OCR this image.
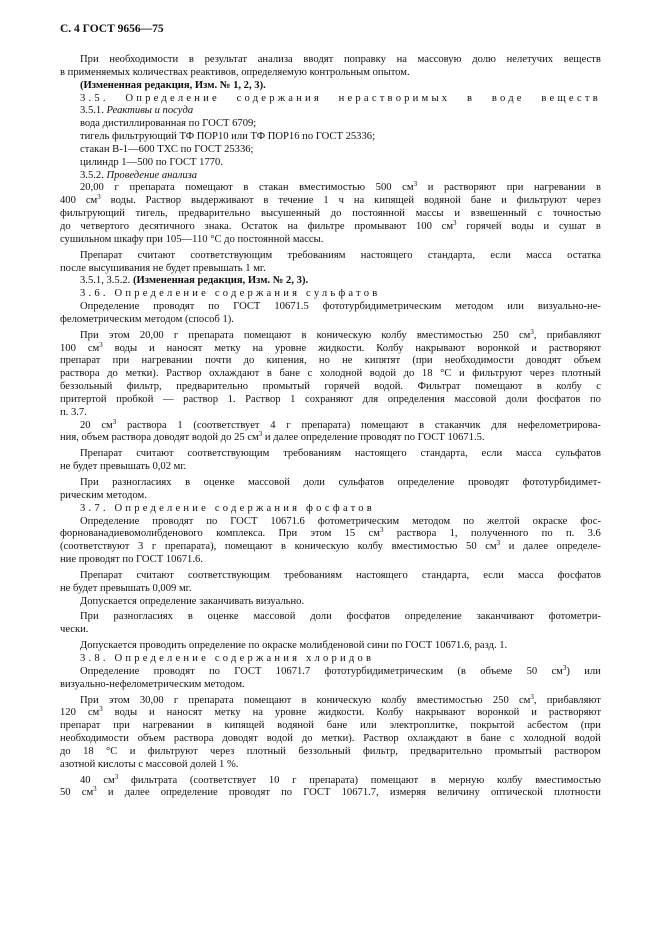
С. 4 ГОСТ 9656—75
При необходимости в результат анализа вводят поправку на массовую долю нелетучих веществ
в применяемых количествах реактивов, определяемую контрольным опытом.
(Измененная редакция, Изм. № 1, 2, 3).
3.5. Определение содержания нерастворимых в воде веществ
3.5.1. Реактивы и посуда
вода дистиллированная по ГОСТ 6709;
тигель фильтрующий ТФ ПОР10 или ТФ ПОР16 по ГОСТ 25336;
стакан В-1—600 ТХС по ГОСТ 25336;
цилиндр 1—500 по ГОСТ 1770.
3.5.2. Проведение анализа
20,00 г препарата помещают в стакан вместимостью 500 $см^3$ и растворяют при нагревании в
400 $см^3$ воды. Раствор выдерживают в течение 1 ч на кипящей водяной бане и фильтруют через
фильтрующий тигель, предварительно высушенный до постоянной массы и взвешенный с точностью
до четвертого десятичного знака. Остаток на фильтре промывают 100 $см^3$ горячей воды и сушат в
сушильном шкафу при 105—110 °С до постоянной массы.
Препарат считают соответствующим требованиям настоящего стандарта, если масса остатка
после высушивания не будет превышать 1 мг.
3.5.1, 3.5.2. (Измененная редакция, Изм. № 2, 3).
3.6. Определение содержания сульфатов
Определение проводят по ГОСТ 10671.5 фототурбидиметрическим методом или визуально-не-
фелометрическим методом (способ 1).
При этом 20,00 г препарата помещают в коническую колбу вместимостью 250 $см^3$, прибавляют
100 $см^3$ воды и наносят метку на уровне жидкости. Колбу накрывают воронкой и растворяют
препарат при нагревании почти до кипения, но не кипятят (при необходимости доводят объем
раствора до метки). Раствор охлаждают в бане с холодной водой до 18 °С и фильтруют через плотный
беззольный фильтр, предварительно промытый горячей водой. Фильтрат помещают в колбу с
притертой пробкой — раствор 1. Раствор 1 сохраняют для определения массовой доли фосфатов по
п. 3.7.
20 $см^3$ раствора 1 (соответствует 4 г препарата) помещают в стаканчик для нефелометрирова-
ния, объем раствора доводят водой до 25 $см^3$ и далее определение проводят по ГОСТ 10671.5.
Препарат считают соответствующим требованиям настоящего стандарта, если масса сульфатов
не будет превышать 0,02 мг.
При разногласиях в оценке массовой доли сульфатов определение проводят фототурбидимет-
рическим методом.
3.7. Определение содержания фосфатов
Определение проводят по ГОСТ 10671.6 фотометрическим методом по желтой окраске фос-
форнованадиевомолибденового комплекса. При этом 15 $см^3$ раствора 1, полученного по п. 3.6
(соответствуют 3 г препарата), помещают в коническую колбу вместимостью 50 $см^3$ и далее определе-
ние проводят по ГОСТ 10671.6.
Препарат считают соответствующим требованиям настоящего стандарта, если масса фосфатов
не будет превышать 0,009 мг.
Допускается определение заканчивать визуально.
При разногласиях в оценке массовой доли фосфатов определение заканчивают фотометри-
чески.
Допускается проводить определение по окраске молибденовой сини по ГОСТ 10671.6, разд. 1.
3.8. Определение содержания хлоридов
Определение проводят по ГОСТ 10671.7 фототурбидиметрическим (в объеме 50 $см^3$) или
визуально-нефелометрическим методом.
При этом 30,00 г препарата помещают в коническую колбу вместимостью 250 $см^3$, прибавляют
120 $см^3$ воды и наносят метку на уровне жидкости. Колбу накрывают воронкой и растворяют
препарат при нагревании в кипящей водяной бане или электроплитке, покрытой асбестом (при
необходимости объем раствора доводят водой до метки). Раствор охлаждают в бане с холодной водой
до 18 °С и фильтруют через плотный беззольный фильтр, предварительно промытый раствором
азотной кислоты с массовой долей 1 %.
40 $см^3$ фильтрата (соответствует 10 г препарата) помещают в мерную колбу вместимостью
50 $см^3$ и далее определение проводят по ГОСТ 10671.7, измеряя величину оптической плотности
